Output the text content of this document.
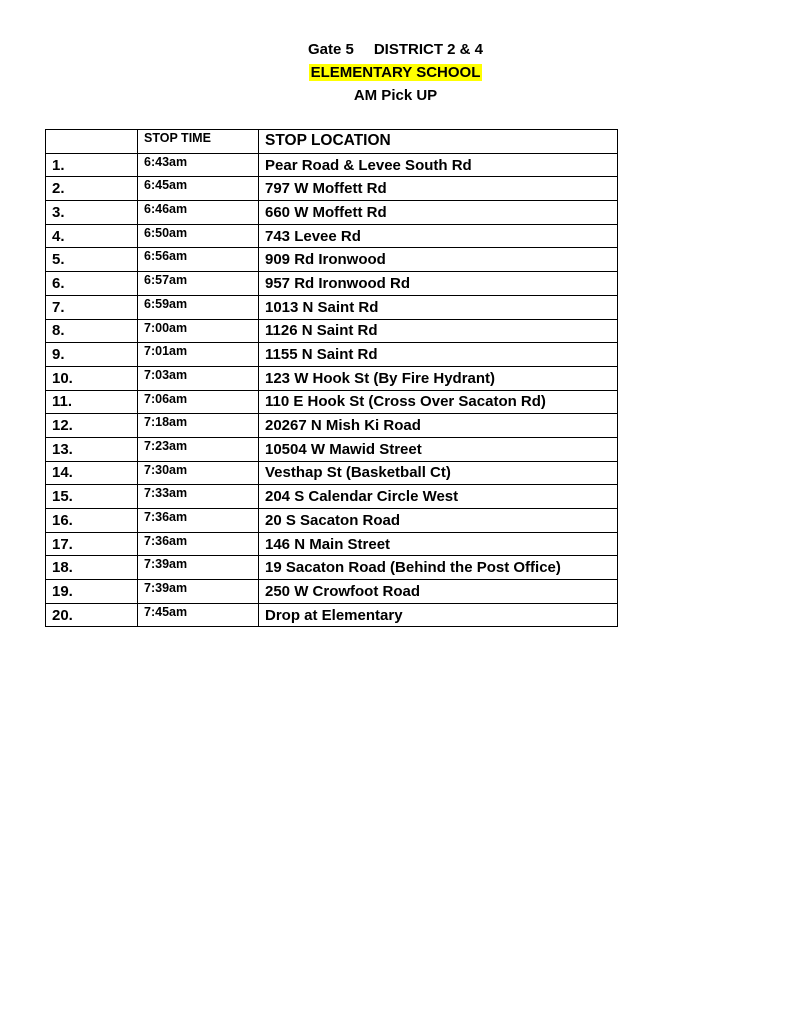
Gate 5 DISTRICT 2 & 4
ELEMENTARY SCHOOL
AM Pick UP
	STOP TIME	STOP LOCATION
1.	6:43am	Pear Road & Levee South Rd
2.	6:45am	797 W Moffett Rd
3.	6:46am	660 W Moffett Rd
4.	6:50am	743 Levee Rd
5.	6:56am	909 Rd Ironwood
6.	6:57am	957 Rd Ironwood Rd
7.	6:59am	1013 N Saint Rd
8.	7:00am	1126 N Saint Rd
9.	7:01am	1155 N Saint Rd
10.	7:03am	123 W Hook St (By Fire Hydrant)
11.	7:06am	110 E Hook St (Cross Over Sacaton Rd)
12.	7:18am	20267 N Mish Ki Road
13.	7:23am	10504 W Mawid Street
14.	7:30am	Vesthap St (Basketball Ct)
15.	7:33am	204 S Calendar Circle West
16.	7:36am	20 S Sacaton Road
17.	7:36am	146 N Main Street
18.	7:39am	19 Sacaton Road (Behind the Post Office)
19.	7:39am	250 W Crowfoot Road
20.	7:45am	Drop at Elementary
